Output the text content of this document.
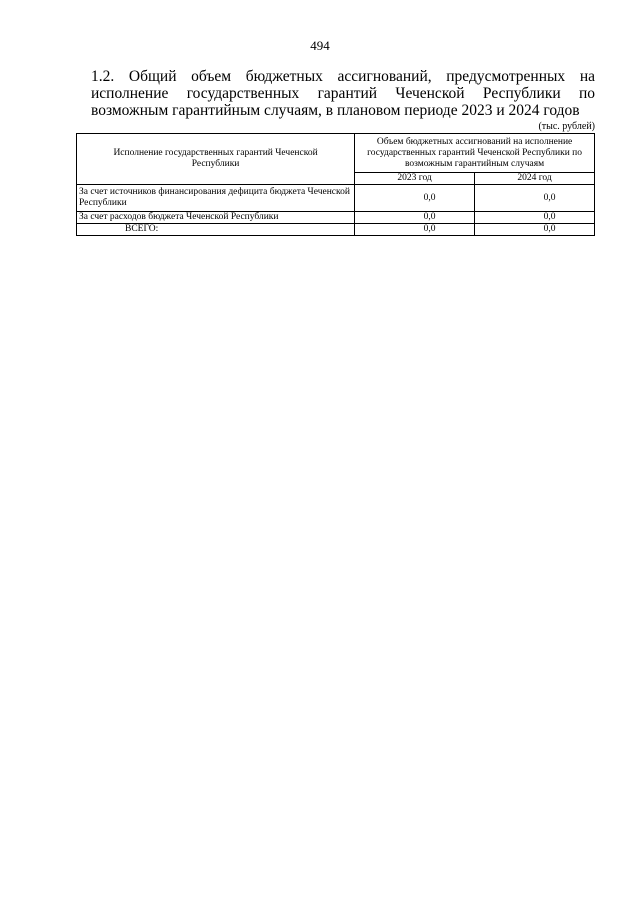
494
1.2. Общий объем бюджетных ассигнований, предусмотренных на исполнение государственных гарантий Чеченской Республики по возможным гарантийным случаям, в плановом периоде 2023 и 2024 годов
(тыс. рублей)
Исполнение государственных гарантий Чеченской Республики	Объем бюджетных ассигнований на исполнение государственных гарантий Чеченской Республики по возможным гарантийным случаям	
	2023 год	2024 год
За счет источников финансирования дефицита бюджета Чеченской Республики	0,0	0,0
За счет расходов бюджета Чеченской Республики	0,0	0,0
ВСЕГО:	0,0	0,0
